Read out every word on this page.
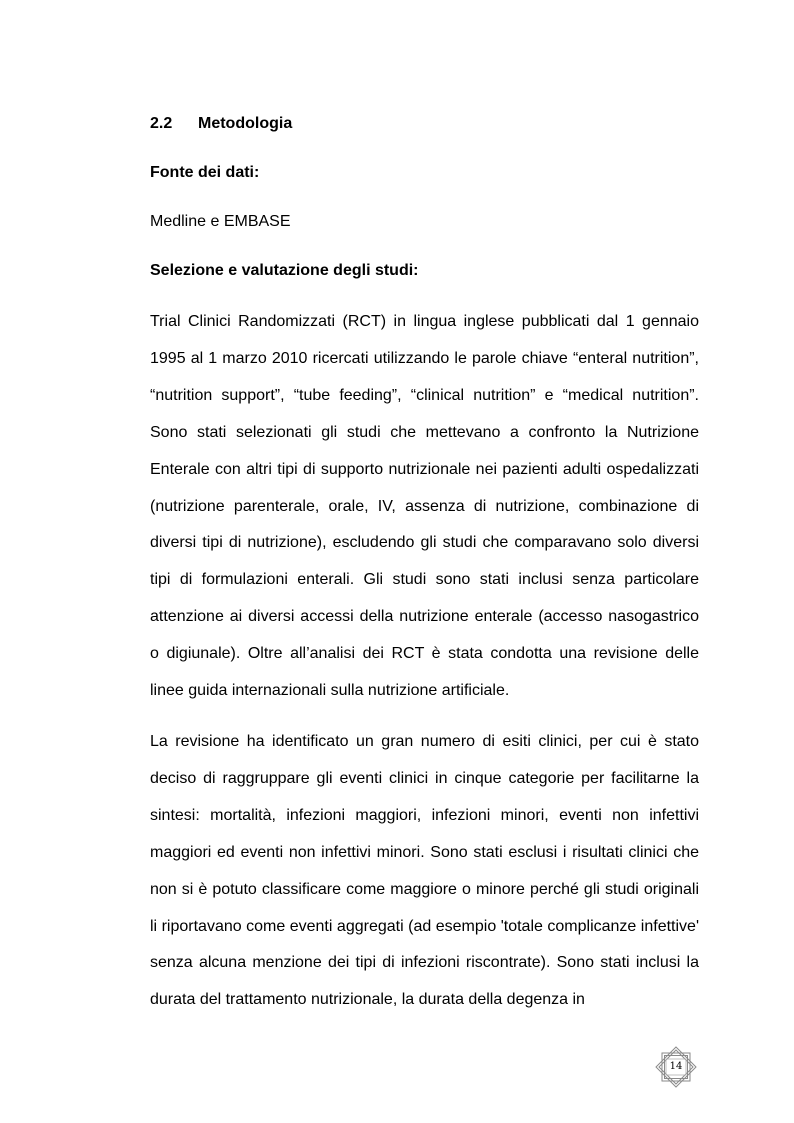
2.2 Metodologia
Fonte dei dati:
Medline e EMBASE
Selezione e valutazione degli studi:

Trial Clinici Randomizzati (RCT) in lingua inglese pubblicati dal 1 gennaio 1995 al 1 marzo 2010 ricercati utilizzando le parole chiave “enteral nutrition”, “nutrition support”, “tube feeding”, “clinical nutrition” e “medical nutrition”. Sono stati selezionati gli studi che mettevano a confronto la Nutrizione Enterale con altri tipi di supporto nutrizionale nei pazienti adulti ospedalizzati (nutrizione parenterale, orale, IV, assenza di nutrizione, combinazione di diversi tipi di nutrizione), escludendo gli studi che comparavano solo diversi tipi di formulazioni enterali. Gli studi sono stati inclusi senza particolare attenzione ai diversi accessi della nutrizione enterale (accesso nasogastrico o digiunale). Oltre all’analisi dei RCT è stata condotta una revisione delle linee guida internazionali sulla nutrizione artificiale.

La revisione ha identificato un gran numero di esiti clinici, per cui è stato deciso di raggruppare gli eventi clinici in cinque categorie per facilitarne la sintesi: mortalità, infezioni maggiori, infezioni minori, eventi non infettivi maggiori ed eventi non infettivi minori. Sono stati esclusi i risultati clinici che non si è potuto classificare come maggiore o minore perché gli studi originali li riportavano come eventi aggregati (ad esempio 'totale complicanze infettive' senza alcuna menzione dei tipi di infezioni riscontrate). Sono stati inclusi la durata del trattamento nutrizionale, la durata della degenza in

14
